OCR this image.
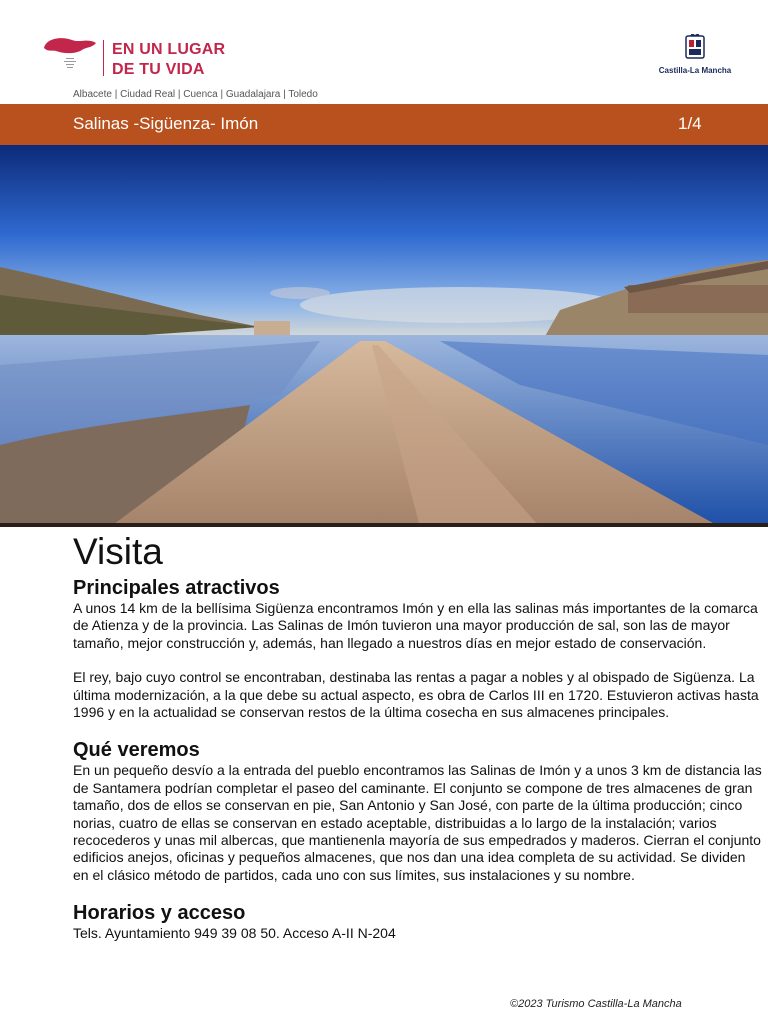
EN UN LUGAR
DE TU VIDA
Albacete | Ciudad Real | Cuenca | Guadalajara | Toledo
Castilla-La Mancha
Salinas -Sigüenza- Imón	1/4
Visita
Principales atractivos

A unos 14 km de la bellísima Sigüenza encontramos Imón y en ella las salinas más importantes de la comarca de Atienza y de la provincia. Las Salinas de Imón tuvieron una mayor producción de sal, son las de mayor tamaño, mejor construcción y, además, han llegado a nuestros días en mejor estado de conservación.

El rey, bajo cuyo control se encontraban, destinaba las rentas a pagar a nobles y al obispado de Sigüenza. La última modernización, a la que debe su actual aspecto, es obra de Carlos III en 1720. Estuvieron activas hasta 1996 y en la actualidad se conservan restos de la última cosecha en sus almacenes principales.

Qué veremos

En un pequeño desvío a la entrada del pueblo encontramos las Salinas de Imón y a unos 3 km de distancia las de Santamera podrían completar el paseo del caminante. El conjunto se compone de tres almacenes de gran tamaño, dos de ellos se conservan en pie, San Antonio y San José, con parte de la última producción; cinco norias, cuatro de ellas se conservan en estado aceptable, distribuidas a lo largo de la instalación; varios recocederos y unas mil albercas, que mantienenla mayoría de sus empedrados y maderos. Cierran el conjunto edificios anejos, oficinas y pequeños almacenes, que nos dan una idea completa de su actividad. Se dividen en el clásico método de partidos, cada uno con sus límites, sus instalaciones y su nombre.

Horarios y acceso

Tels. Ayuntamiento 949 39 08 50. Acceso A-II N-204

©2023 Turismo Castilla-La Mancha
